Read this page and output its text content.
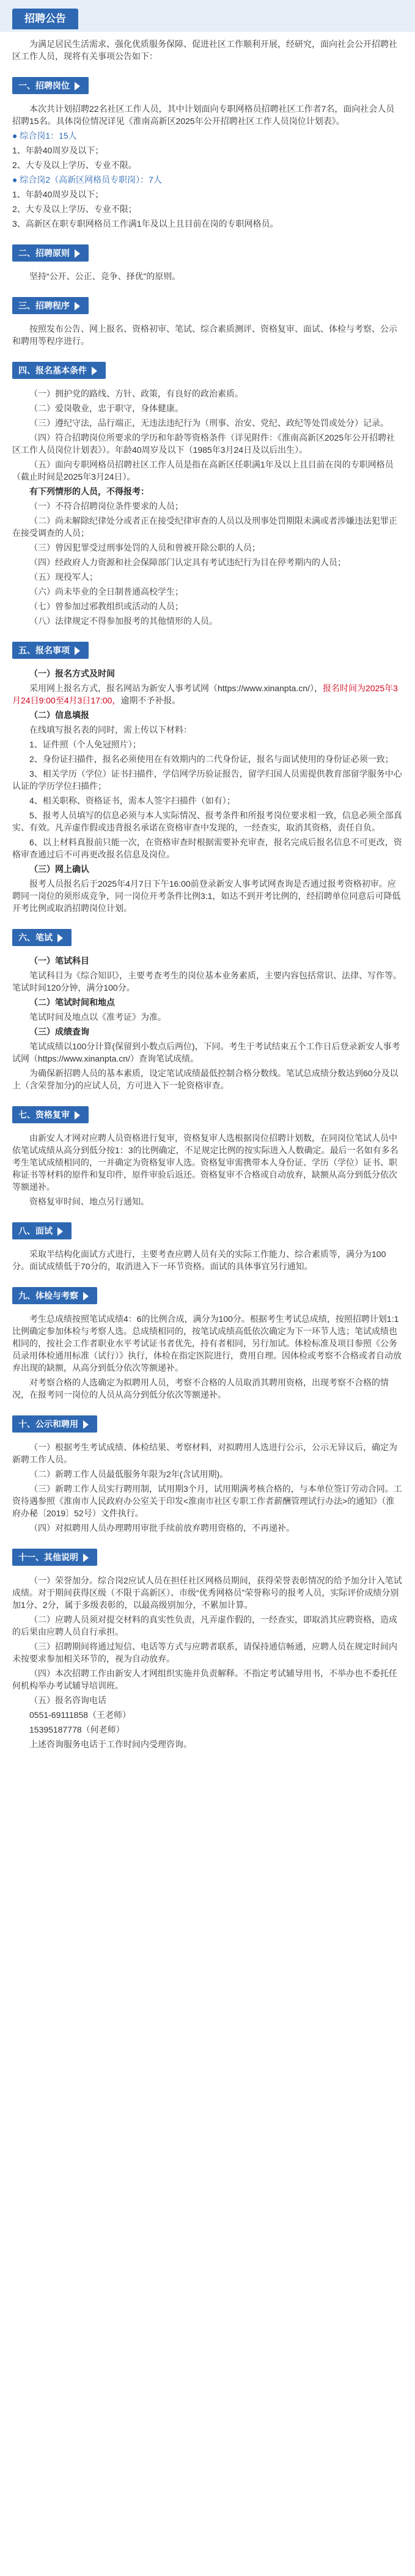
招聘公告

为满足居民生活需求、强化优质服务保障、促进社区工作顺利开展，经研究，面向社会公开招聘社区工作人员，现将有关事项公告如下：

一、招聘岗位

本次共计划招聘22名社区工作人员，其中计划面向专职网格员招聘社区工作者7名，面向社会人员招聘15名。具体岗位情况详见《淮南高新区2025年公开招聘社区工作人员岗位计划表》。

● 综合岗1：15人

1、年龄40周岁及以下；

2、大专及以上学历、专业不限。

● 综合岗2（高新区网格员专职岗）：7人

1、年龄40周岁及以下；

2、大专及以上学历、专业不限；

3、高新区在职专职网格员工作满1年及以上且目前在岗的专职网格员。

二、招聘原则

坚持“公开、公正、竞争、择优”的原则。

三、招聘程序

按照发布公告、网上报名、资格初审、笔试、综合素质测评、资格复审、面试、体检与考察、公示和聘用等程序进行。

四、报名基本条件

（一）拥护党的路线、方针、政策，有良好的政治素质。

（二）爱岗敬业，忠于职守，身体健康。

（三）遵纪守法，品行端正，无违法违纪行为（刑事、治安、党纪、政纪等处罚或处分）记录。

（四）符合招聘岗位所要求的学历和年龄等资格条件（详见附件：《淮南高新区2025年公开招聘社区工作人员岗位计划表》）。年龄40周岁及以下（1985年3月24日及以后出生）。

（五）面向专职网格员招聘社区工作人员是指在高新区任职满1年及以上且目前在岗的专职网格员（截止时间是2025年3月24日）。

有下列情形的人员，不得报考：

（一）不符合招聘岗位条件要求的人员；

（二）尚未解除纪律处分或者正在接受纪律审查的人员以及刑事处罚期限未满或者涉嫌违法犯罪正在接受调查的人员；

（三）曾因犯罪受过刑事处罚的人员和曾被开除公职的人员；

（四）经政府人力资源和社会保障部门认定具有考试违纪行为目在停考期内的人员；

（五）现役军人；

（六）尚未毕业的全日制普通高校学生；

（七）曾参加过邪教组织或活动的人员；

（八）法律规定不得参加报考的其他情形的人员。

五、报名事项

（一）报名方式及时间

采用网上报名方式，报名网站为新安人事考试网（https://www.xinanpta.cn/），报名时间为2025年3月24日9:00至4月3日17:00，逾期不予补报。

（二）信息填报

在线填写报名表的同时，需上传以下材料：

1、证件照（个人免冠照片）；

2、身份证扫描件，报名必须使用在有效期内的二代身份证，报名与面试使用的身份证必须一致；

3、相关学历（学位）证书扫描件，学信网学历验证报告，留学归国人员需提供教育部留学服务中心认证的学历学位扫描件；

4、相关职称、资格证书，需本人签字扫描件（如有）；

5、报考人员填写的信息必须与本人实际情况、报考条件和所报考岗位要求相一致，信息必须全部真实、有效。凡弄虚作假或违背报名承诺在资格审查中发现的，一经查实，取消其资格，责任自负。

6、以上材料真报前只能一次，在资格审查时根据需要补充审查，报名完成后报名信息不可更改，资格审查通过后不可再更改报名信息及岗位。

（三）网上确认

报考人员报名后于2025年4月7日下午16:00前登录新安人事考试网查询是否通过报考资格初审。应聘同一岗位的须形成竞争，同一岗位开考条件比例3:1，如达不到开考比例的，经招聘单位同意后可降低开考比例或取消招聘岗位计划。

六、笔试

（一）笔试科目

笔试科目为《综合知识》，主要考查考生的岗位基本业务素质，主要内容包括常识、法律、写作等。笔试时间120分钟，满分100分。

（二）笔试时间和地点

笔试时间及地点以《准考证》为准。

（三）成绩查询

笔试成绩以100分计算(保留到小数点后两位)，下同。考生于考试结束五个工作日后登录新安人事考试网（https://www.xinanpta.cn/）查询笔试成绩。

为确保新招聘人员的基本素质，设定笔试成绩最低控制合格分数线。笔试总成绩分数达到60分及以上（含荣誉加分)的应试人员，方可进入下一轮资格审查。

七、资格复审

由新安人才网对应聘人员资格进行复审，资格复审人选根据岗位招聘计划数，在同岗位笔试人员中依笔试成绩从高分到低分按1：3的比例确定，不足规定比例的按实际进入人数确定。最后一名如有多名考生笔试成绩相同的，一并确定为资格复审人选。资格复审需携带本人身份证、学历（学位）证书、职称证书等材料的原件和复印件，原件审验后返还。资格复审不合格或自动放弃，缺额从高分到低分依次等额递补。

资格复审时间、地点另行通知。

八、面试

采取半结构化面试方式进行，主要考查应聘人员有关的实际工作能力、综合素质等，满分为100分。面试成绩低于70分的，取消进入下一环节资格。面试的具体事宜另行通知。

九、体检与考察

考生总成绩按照笔试成绩4：6的比例合成，满分为100分。根据考生考试总成绩，按照招聘计划1:1比例确定参加体检与考察人选。总成绩相同的，按笔试成绩高低依次确定为下一环节人选；笔试成绩也相同的，按社会工作者职业水平考试证书者优先，持有者相同，另行加试。体检标准及项目参照《公务员录用体检通用标准（试行）》执行，体检在指定医院进行，费用自理。因体检或考察不合格或者自动放弃出现的缺额，从高分到低分依次等额递补。

对考察合格的人选确定为拟聘用人员，考察不合格的人员取消其聘用资格，出现考察不合格的情况，在报考同一岗位的人员从高分到低分依次等额递补。

十、公示和聘用

（一）根据考生考试成绩、体检结果、考察材料，对拟聘用人选进行公示，公示无异议后，确定为新聘工作人员。

（二）新聘工作人员最低服务年限为2年(含试用期)。

（三）新聘工作人员实行聘用制，试用期3个月，试用期满考核合格的，与本单位签订劳动合同。工资待遇参照《淮南市人民政府办公室关于印发<淮南市社区专职工作者薪酬管理试行办法>的通知》（淮府办秘〔2019〕52号）文件执行。

（四）对拟聘用人员办理聘用审批手续前放弃聘用资格的，不再递补。

十一、其他说明

（一）荣誉加分。综合岗2应试人员在担任社区网格员期间，获得荣誉表彰情况的给予加分计入笔试成绩。对于期间获得区级（不限于高新区）、市级“优秀网格员”荣誉称号的报考人员，实际评价成绩分别加1分、2分，属于多级表彰的，以最高级别加分，不累加计算。

（二）应聘人员须对提交材料的真实性负责，凡弄虚作假的，一经查实，即取消其应聘资格，造成的后果由应聘人员自行承担。

（三）招聘期间将通过短信、电话等方式与应聘者联系，请保持通信畅通，应聘人员在规定时间内未按要求参加相关环节的，视为自动放弃。

（四）本次招聘工作由新安人才网组织实施并负责解释。不指定考试辅导用书，不举办也不委托任何机构举办考试辅导培训班。

（五）报名咨询电话

0551-69111858（王老师）

15395187778（何老师）

上述咨询服务电话于工作时间内受理咨询。
